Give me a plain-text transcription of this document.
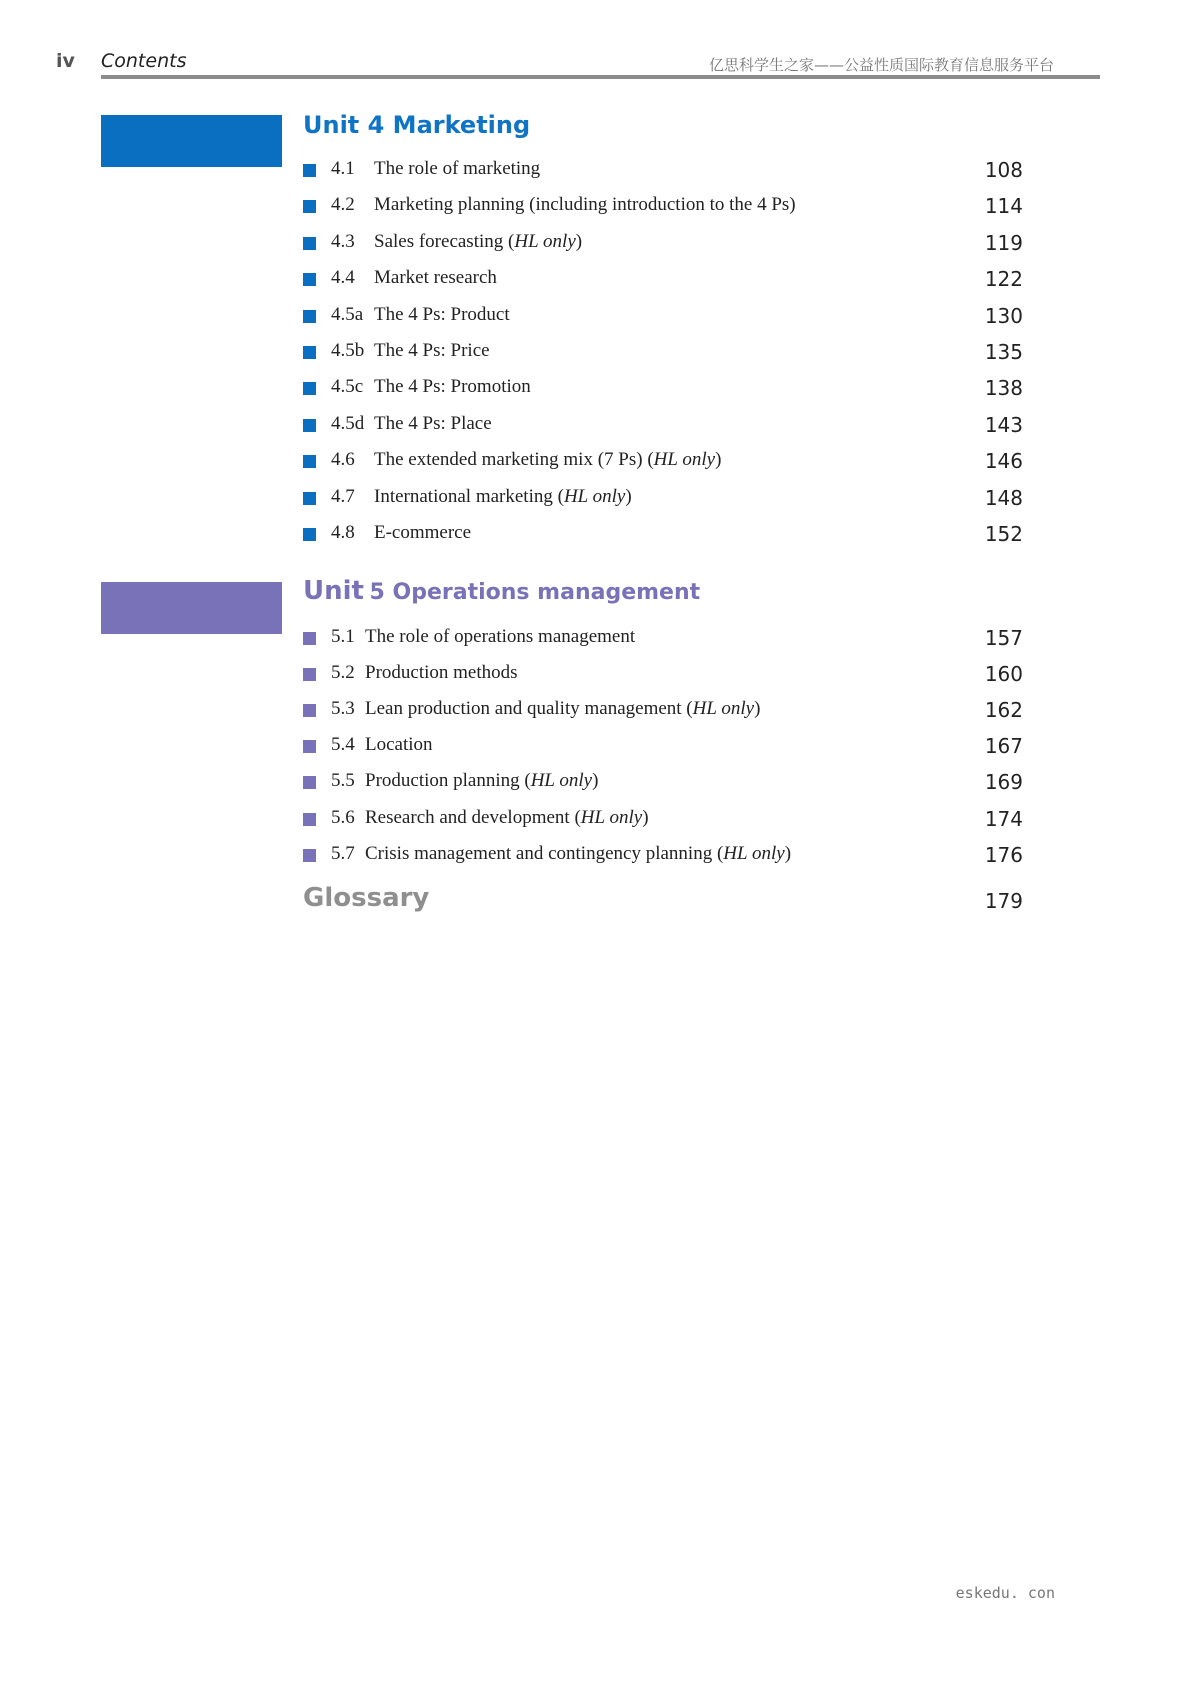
iv Contents	亿思科学生之家——公益性质国际教育信息服务平台
Unit 4 Marketing
4.1 The role of marketing	108
4.2 Marketing planning (including introduction to the 4 Ps)	114
4.3 Sales forecasting (HL only)	119
4.4 Market research	122
4.5a The 4 Ps: Product	130
4.5b The 4 Ps: Price	135
4.5c The 4 Ps: Promotion	138
4.5d The 4 Ps: Place	143
4.6 The extended marketing mix (7 Ps) (HL only)	146
4.7 International marketing (HL only)	148
4.8 E-commerce	152
Unit 5 Operations management
5.1 The role of operations management	157
5.2 Production methods	160
5.3 Lean production and quality management (HL only)	162
5.4 Location	167
5.5 Production planning (HL only)	169
5.6 Research and development (HL only)	174
5.7 Crisis management and contingency planning (HL only)	176
Glossary	179
eskedu. con
